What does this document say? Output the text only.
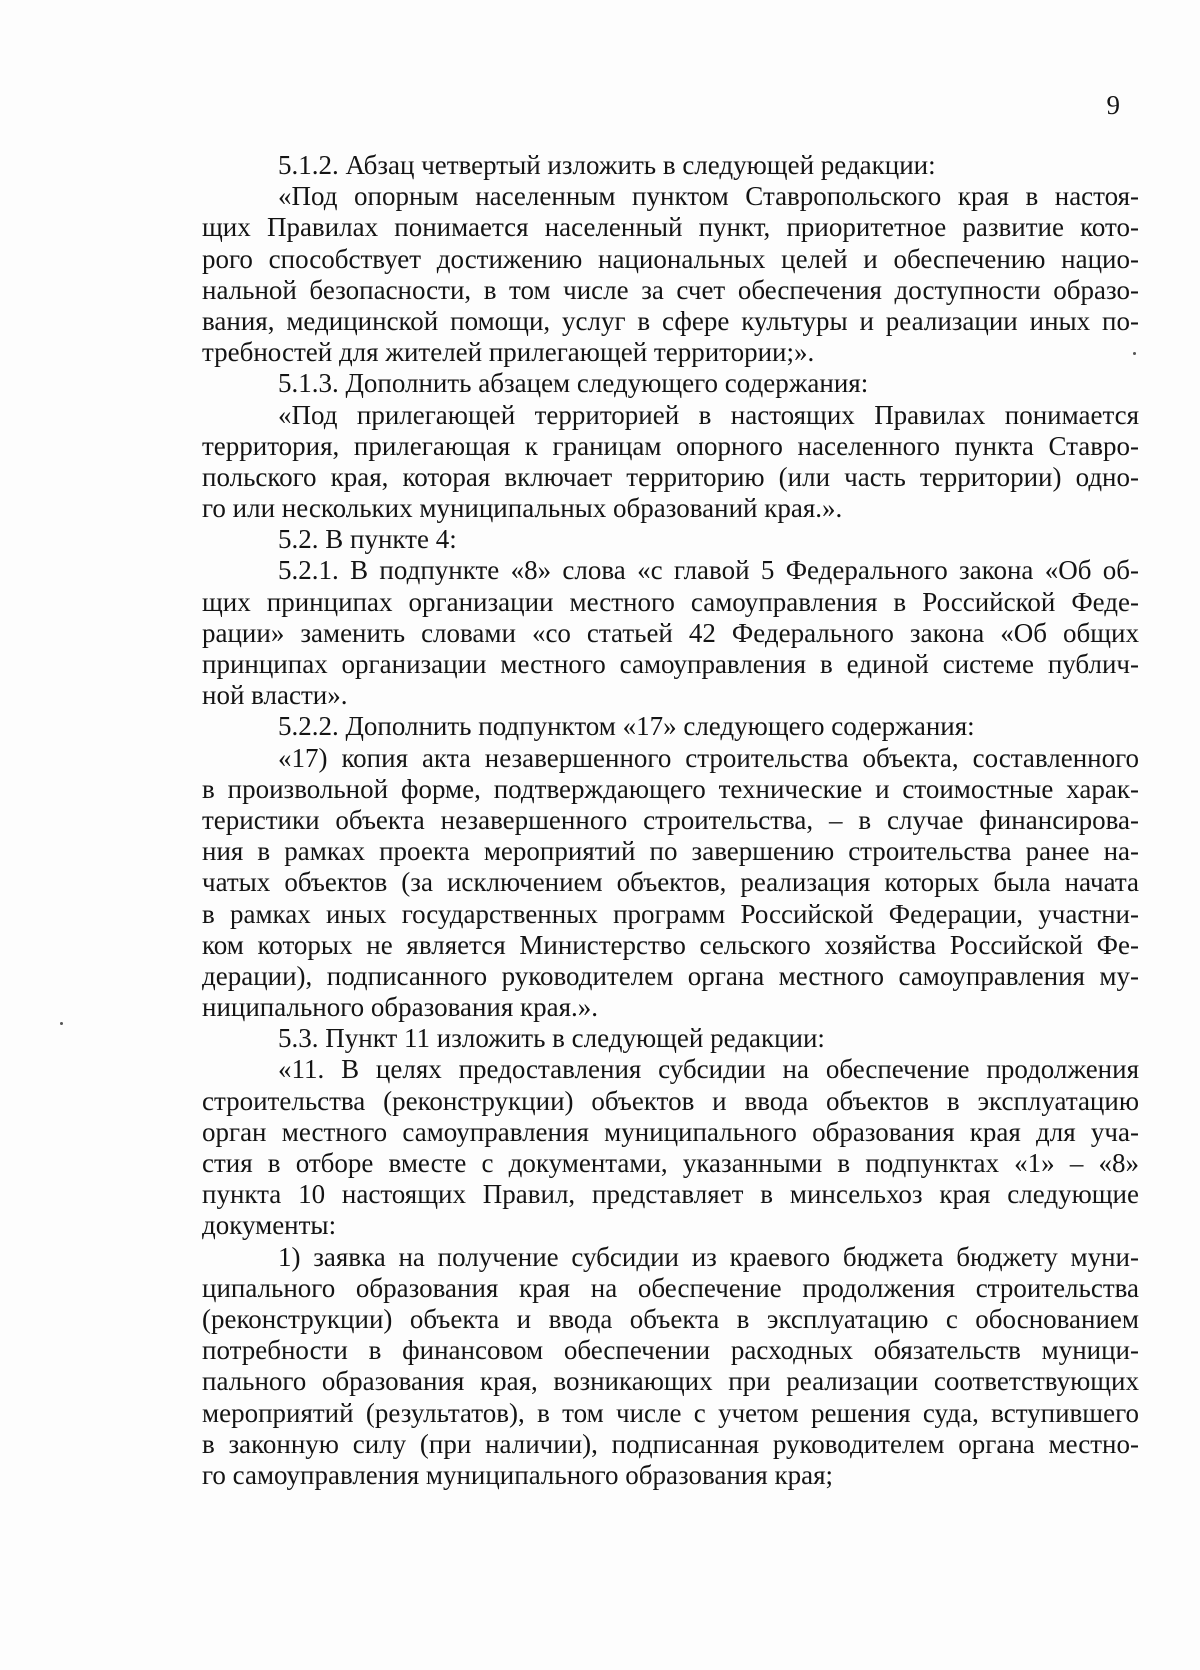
9
5.1.2. Абзац четвертый изложить в следующей редакции:
«Под опорным населенным пунктом Ставропольского края в настоя-
щих Правилах понимается населенный пункт, приоритетное развитие кото-
рого способствует достижению национальных целей и обеспечению нацио-
нальной безопасности, в том числе за счет обеспечения доступности образо-
вания, медицинской помощи, услуг в сфере культуры и реализации иных по-
требностей для жителей прилегающей территории;».
5.1.3. Дополнить абзацем следующего содержания:
«Под прилегающей территорией в настоящих Правилах понимается
территория, прилегающая к границам опорного населенного пункта Ставро-
польского края, которая включает территорию (или часть территории) одно-
го или нескольких муниципальных образований края.».
5.2. В пункте 4:
5.2.1. В подпункте «8» слова «с главой 5 Федерального закона «Об об-
щих принципах организации местного самоуправления в Российской Феде-
рации» заменить словами «со статьей 42 Федерального закона «Об общих
принципах организации местного самоуправления в единой системе публич-
ной власти».
5.2.2. Дополнить подпунктом «17» следующего содержания:
«17) копия акта незавершенного строительства объекта, составленного
в произвольной форме, подтверждающего технические и стоимостные харак-
теристики объекта незавершенного строительства, – в случае финансирова-
ния в рамках проекта мероприятий по завершению строительства ранее на-
чатых объектов (за исключением объектов, реализация которых была начата
в рамках иных государственных программ Российской Федерации, участни-
ком которых не является Министерство сельского хозяйства Российской Фе-
дерации), подписанного руководителем органа местного самоуправления му-
ниципального образования края.».
5.3. Пункт 11 изложить в следующей редакции:
«11. В целях предоставления субсидии на обеспечение продолжения
строительства (реконструкции) объектов и ввода объектов в эксплуатацию
орган местного самоуправления муниципального образования края для уча-
стия в отборе вместе с документами, указанными в подпунктах «1» – «8»
пункта 10 настоящих Правил, представляет в минсельхоз края следующие
документы:
1) заявка на получение субсидии из краевого бюджета бюджету муни-
ципального образования края на обеспечение продолжения строительства
(реконструкции) объекта и ввода объекта в эксплуатацию с обоснованием
потребности в финансовом обеспечении расходных обязательств муници-
пального образования края, возникающих при реализации соответствующих
мероприятий (результатов), в том числе с учетом решения суда, вступившего
в законную силу (при наличии), подписанная руководителем органа местно-
го самоуправления муниципального образования края;
